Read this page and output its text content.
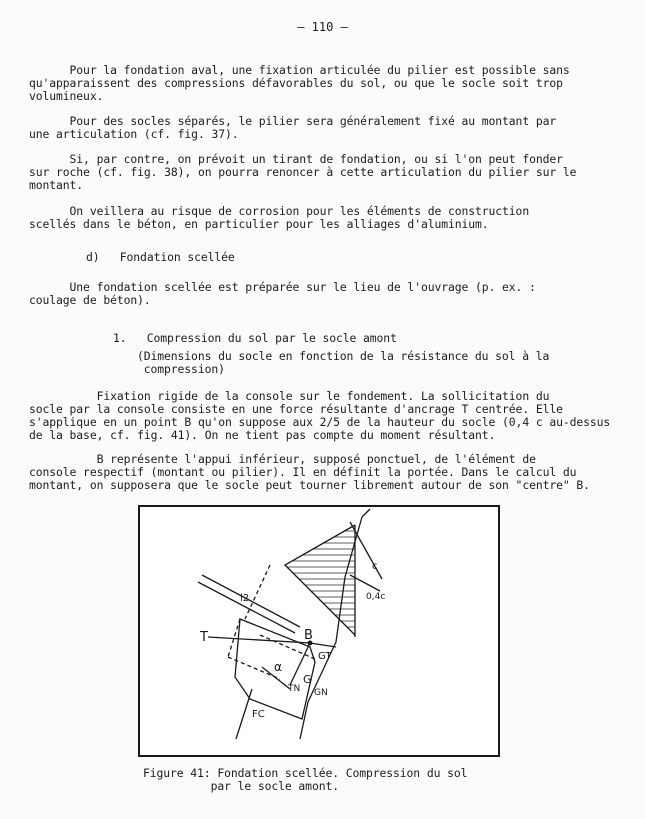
– 110 –
Pour la fondation aval, une fixation articulée du pilier est possible sans
qu'apparaissent des compressions défavorables du sol, ou que le socle soit trop
volumineux.
Pour des socles séparés, le pilier sera généralement fixé au montant par
une articulation (cf. fig. 37).
Si, par contre, on prévoit un tirant de fondation, ou si l'on peut fonder
sur roche (cf. fig. 38), on pourra renoncer à cette articulation du pilier sur le
montant.
On veillera au risque de corrosion pour les éléments de construction
scellés dans le béton, en particulier pour les alliages d'aluminium.
d)   Fondation scellée
Une fondation scellée est préparée sur le lieu de l'ouvrage (p. ex. :
coulage de béton).
1.   Compression du sol par le socle amont
(Dimensions du socle en fonction de la résistance du sol à la
compression)
Fixation rigide de la console sur le fondement. La sollicitation du
socle par la console consiste en une force résultante d'ancrage T centrée. Elle
s'applique en un point B qu'on suppose aux 2/5 de la hauteur du socle (0,4 c au-dessus
de la base, cf. fig. 41). On ne tient pas compte du moment résultant.
B représente l'appui inférieur, supposé ponctuel, de l'élément de
console respectif (montant ou pilier). Il en définit la portée. Dans le calcul du
montant, on supposera que le socle peut tourner librement autour de son "centre" B.
T	B
GT
TN
G
GN
FC
α
c
0,4c
l2
Figure 41: Fondation scellée. Compression du sol
par le socle amont.
